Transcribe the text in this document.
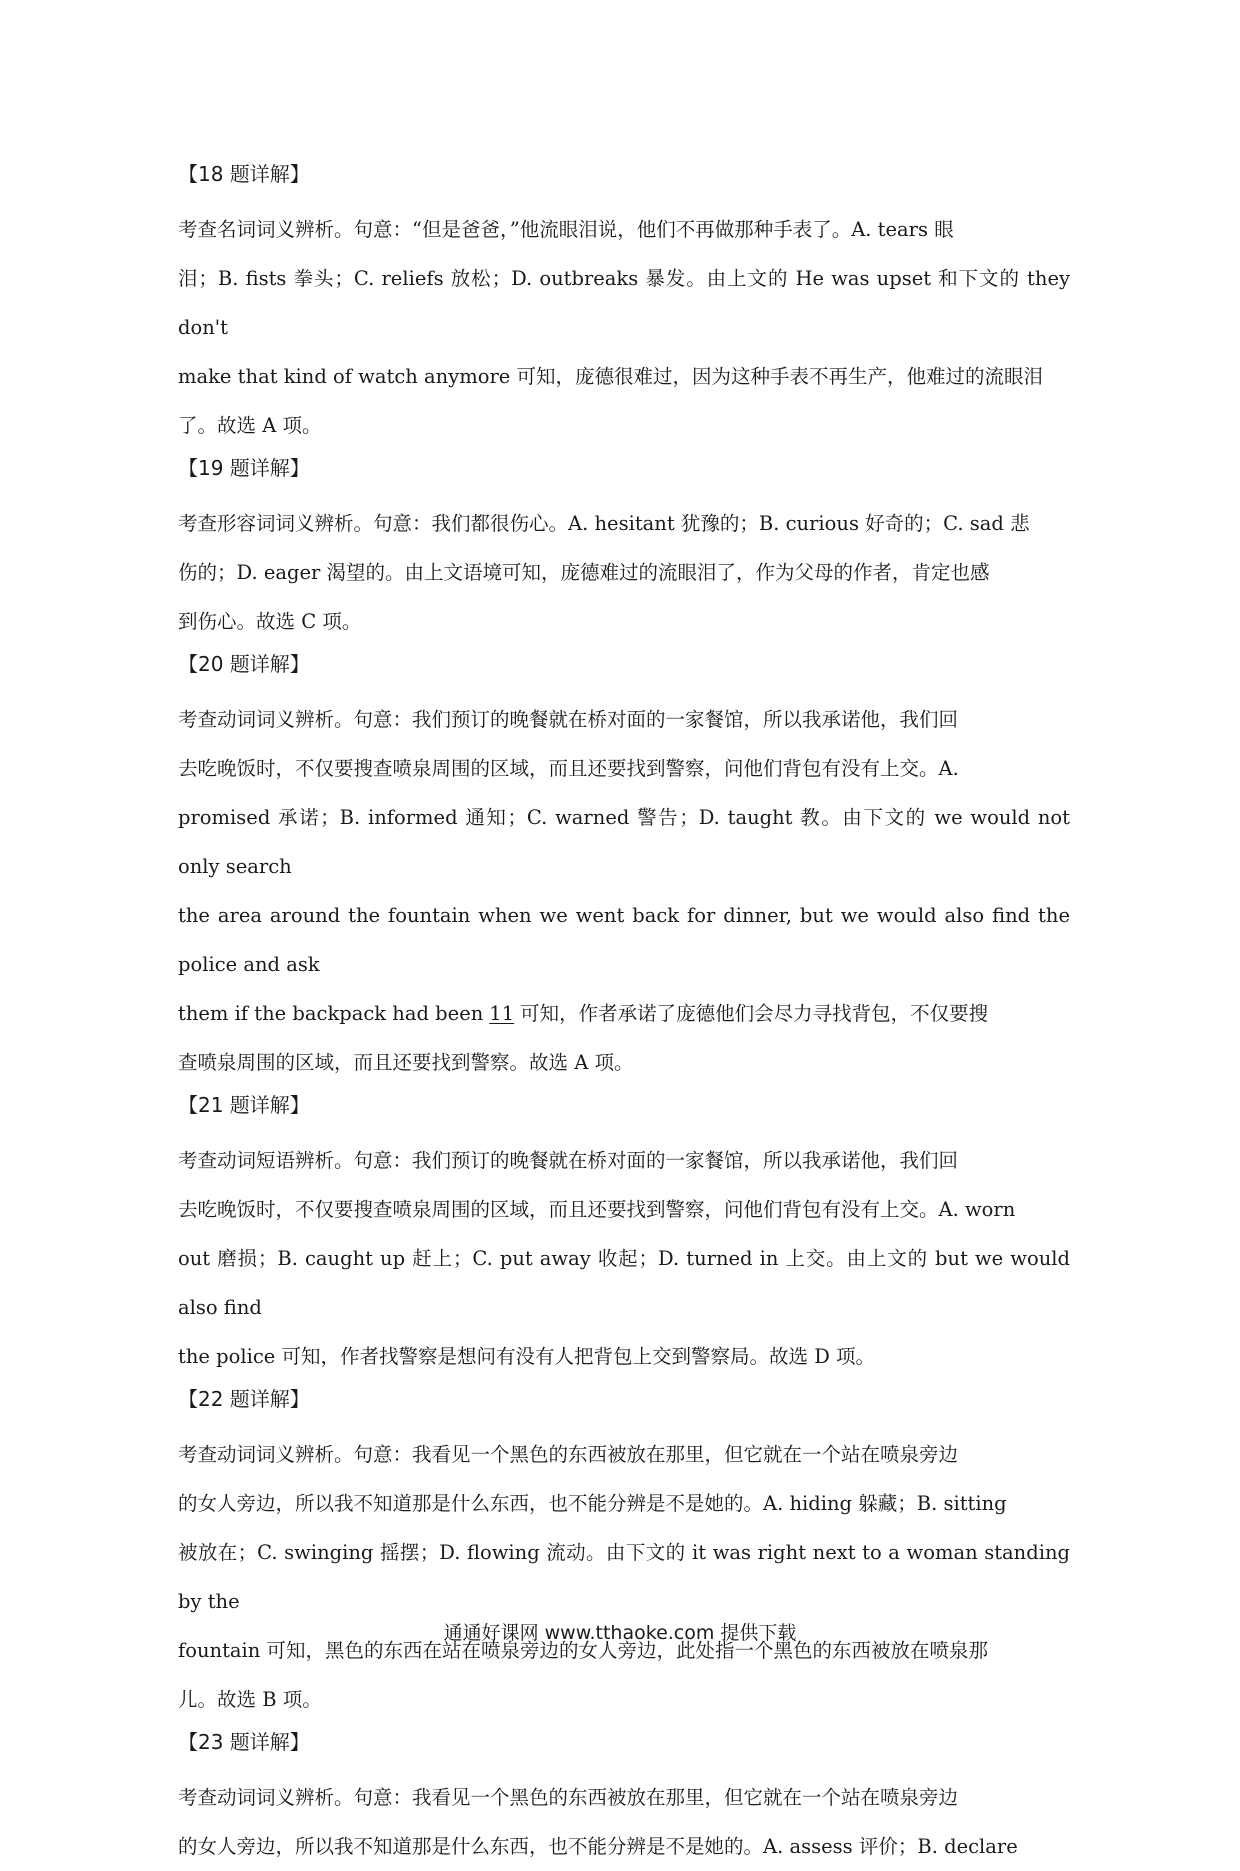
【18 题详解】
考查名词词义辨析。句意：“但是爸爸，”他流眼泪说，他们不再做那种手表了。A. tears 眼
泪；B. fists 拳头；C. reliefs 放松；D. outbreaks 暴发。由上文的 He was upset 和下文的 they don't
make that kind of watch anymore 可知，庞德很难过，因为这种手表不再生产，他难过的流眼泪
了。故选 A 项。
【19 题详解】
考查形容词词义辨析。句意：我们都很伤心。A. hesitant 犹豫的；B. curious 好奇的；C. sad 悲
伤的；D. eager 渴望的。由上文语境可知，庞德难过的流眼泪了，作为父母的作者，肯定也感
到伤心。故选 C 项。
【20 题详解】
考查动词词义辨析。句意：我们预订的晚餐就在桥对面的一家餐馆，所以我承诺他，我们回
去吃晚饭时，不仅要搜查喷泉周围的区域，而且还要找到警察，问他们背包有没有上交。A.
promised 承诺；B. informed 通知；C. warned 警告；D. taught 教。由下文的 we would not only search
the area around the fountain when we went back for dinner, but we would also find the police and ask
them if the backpack had been 11 可知，作者承诺了庞德他们会尽力寻找背包，不仅要搜
查喷泉周围的区域，而且还要找到警察。故选 A 项。
【21 题详解】
考查动词短语辨析。句意：我们预订的晚餐就在桥对面的一家餐馆，所以我承诺他，我们回
去吃晚饭时，不仅要搜查喷泉周围的区域，而且还要找到警察，问他们背包有没有上交。A. worn
out 磨损；B. caught up 赶上；C. put away 收起；D. turned in 上交。由上文的 but we would also find
the police 可知，作者找警察是想问有没有人把背包上交到警察局。故选 D 项。
【22 题详解】
考查动词词义辨析。句意：我看见一个黑色的东西被放在那里，但它就在一个站在喷泉旁边
的女人旁边，所以我不知道那是什么东西，也不能分辨是不是她的。A. hiding 躲藏；B. sitting
被放在；C. swinging 摇摆；D. flowing 流动。由下文的 it was right next to a woman standing by the
fountain 可知，黑色的东西在站在喷泉旁边的女人旁边，此处指一个黑色的东西被放在喷泉那
儿。故选 B 项。
【23 题详解】
考查动词词义辨析。句意：我看见一个黑色的东西被放在那里，但它就在一个站在喷泉旁边
的女人旁边，所以我不知道那是什么东西，也不能分辨是不是她的。A. assess 评价；B. declare
通通好课网 www.tthaoke.com 提供下载
